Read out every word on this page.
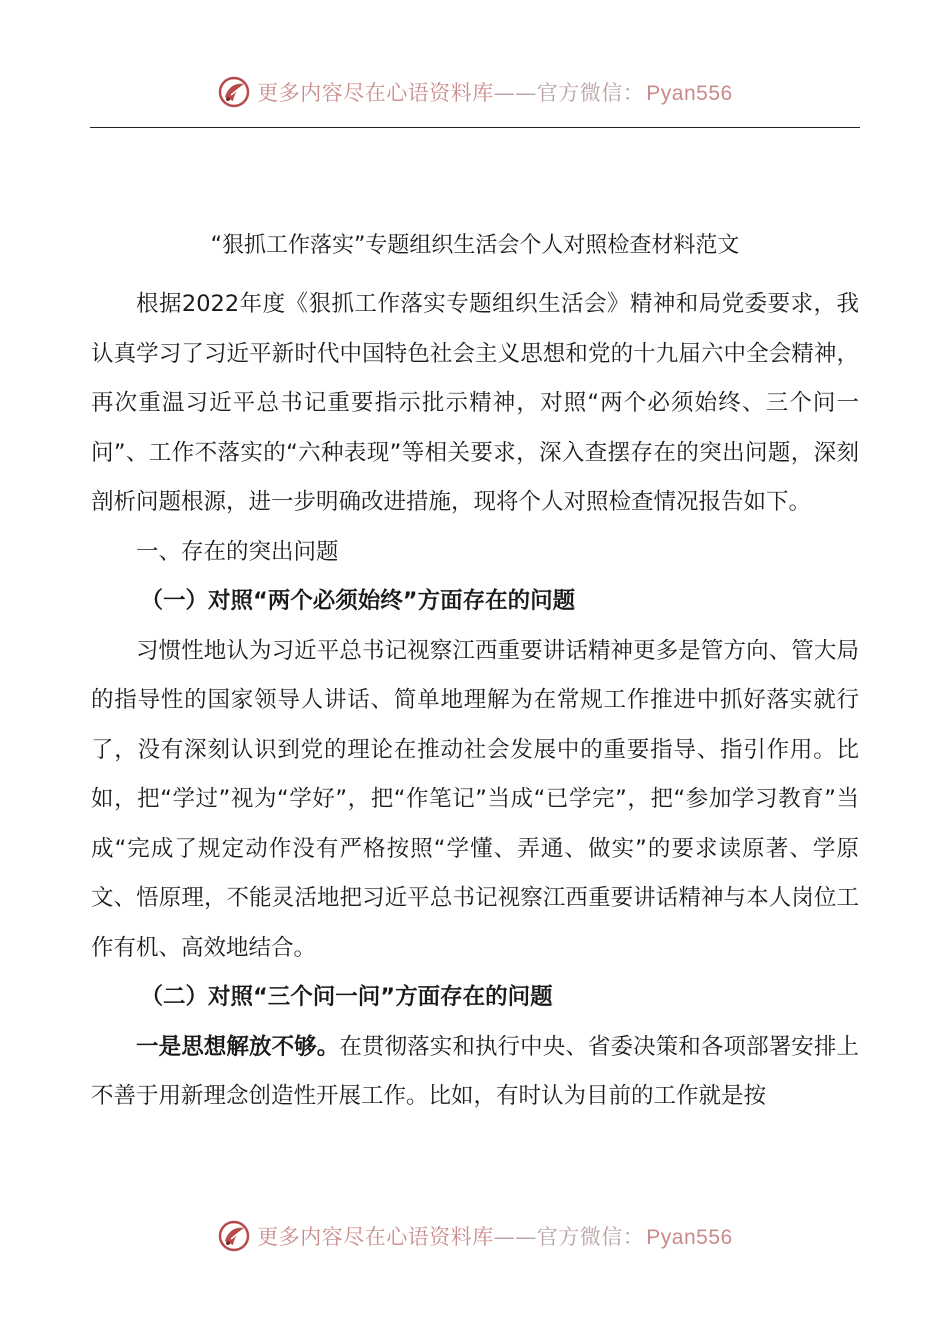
更多内容尽在心语资料库——官方微信：Pyan556
“狠抓工作落实”专题组织生活会个人对照检查材料范文

根据2022年度《狠抓工作落实专题组织生活会》精神和局党委要求，我认真学习了习近平新时代中国特色社会主义思想和党的十九届六中全会精神，再次重温习近平总书记重要指示批示精神，对照“两个必须始终、三个问一问”、工作不落实的“六种表现”等相关要求，深入查摆存在的突出问题，深刻剖析问题根源，进一步明确改进措施，现将个人对照检查情况报告如下。

一、存在的突出问题

（一）对照“两个必须始终”方面存在的问题

习惯性地认为习近平总书记视察江西重要讲话精神更多是管方向、管大局的指导性的国家领导人讲话、简单地理解为在常规工作推进中抓好落实就行了，没有深刻认识到党的理论在推动社会发展中的重要指导、指引作用。比如，把“学过”视为“学好”，把“作笔记”当成“已学完”，把“参加学习教育”当成“完成了规定动作没有严格按照“学懂、弄通、做实”的要求读原著、学原文、悟原理，不能灵活地把习近平总书记视察江西重要讲话精神与本人岗位工作有机、高效地结合。

（二）对照“三个问一问”方面存在的问题

一是思想解放不够。在贯彻落实和执行中央、省委决策和各项部署安排上不善于用新理念创造性开展工作。比如，有时认为目前的工作就是按

更多内容尽在心语资料库——官方微信：Pyan556
